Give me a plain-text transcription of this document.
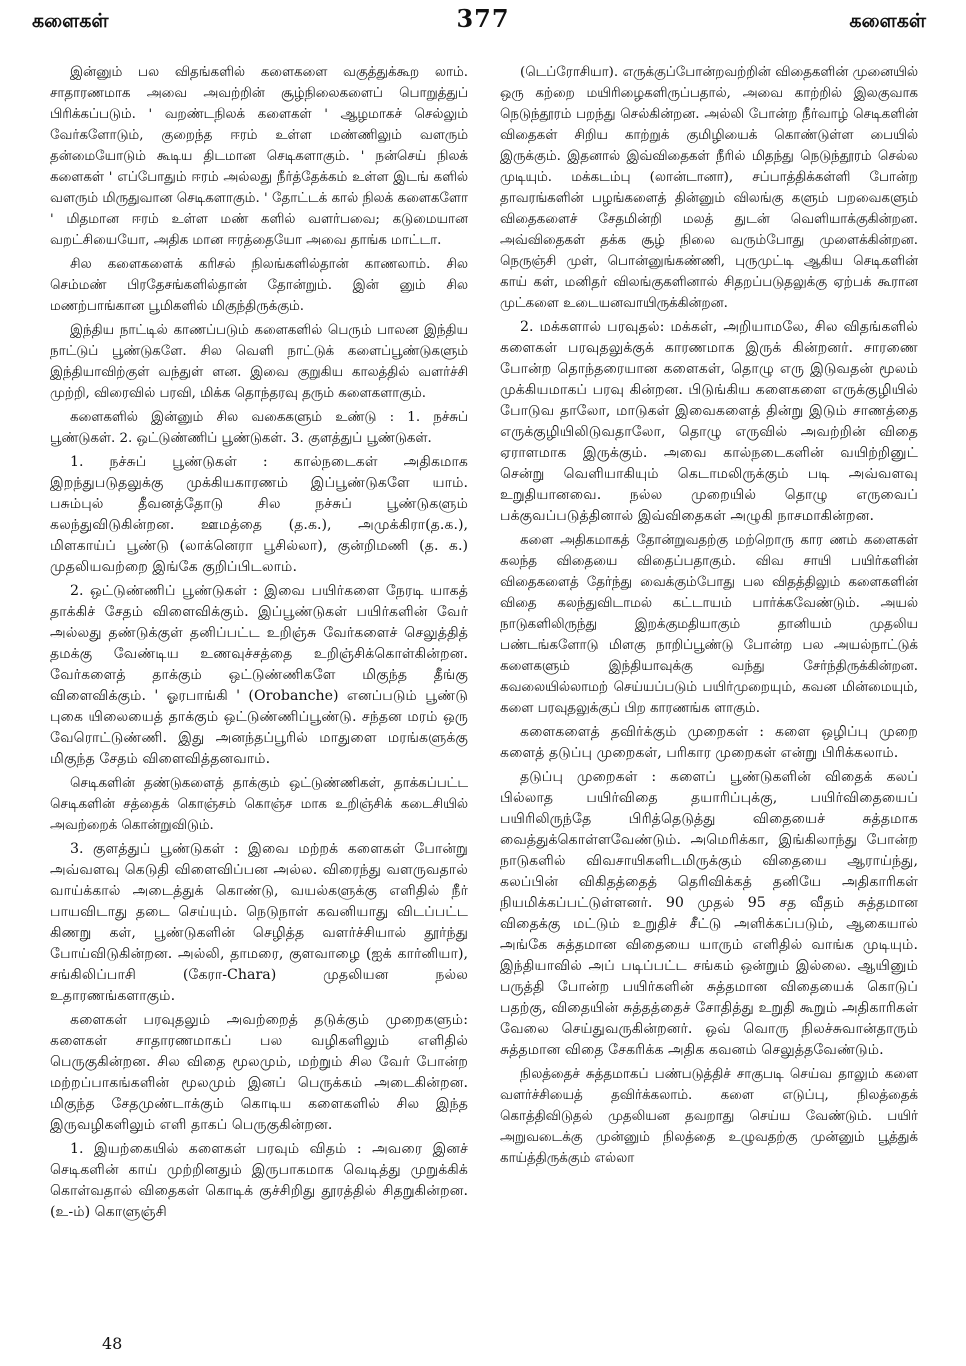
களைகள்	377	களைகள்

இன்னும் பல விதங்களில் களைகளை வகுத்துக்கூற லாம். சாதாரணமாக அவை அவற்றின் சூழ்நிலைகளைப் பொறுத்துப் பிரிக்கப்படும். ' வறண்டநிலக் களைகள் ' ஆழமாகச் செல்லும் வேர்களோடும், குறைந்த ஈரம் உள்ள மண்ணிலும் வளரும் தன்மையோடும் கூடிய திடமான செடிகளாகும். ' நன்செய் நிலக் களைகள் ' எப்போதும் ஈரம் அல்லது நீர்த்தேக்கம் உள்ள இடங் களில் வளரும் மிருதுவான செடிகளாகும். ' தோட்டக் கால் நிலக் களைகளோ ' மிதமான ஈரம் உள்ள மண் களில் வளர்பவை; கடுமையான வறட்சியையோ, அதிக மான ஈரத்தையோ அவை தாங்க மாட்டா.

சில களைகளைக் கரிசல் நிலங்களில்தான் காணலாம். சில செம்மண் பிரதேசங்களில்தான் தோன்றும். இன் னும் சில மணற்பாங்கான பூமிகளில் மிகுந்திருக்கும்.

இந்திய நாட்டில் காணப்படும் களைகளில் பெரும் பாலன இந்திய நாட்டுப் பூண்டுகளே. சில வெளி நாட்டுக் களைப்பூண்டுகளும் இந்தியாவிற்குள் வந்துள் ளன. இவை குறுகிய காலத்தில் வளர்ச்சி முற்றி, விரைவில் பரவி, மிக்க தொந்தரவு தரும் களைகளாகும்.

களைகளில் இன்னும் சில வகைகளும் உண்டு : 1. நச்சுப் பூண்டுகள். 2. ஒட்டுண்ணிப் பூண்டுகள். 3. குளத்துப் பூண்டுகள்.

1. நச்சுப் பூண்டுகள் : கால்நடைகள் அதிகமாக இறந்துபடுதலுக்கு முக்கியகாரணம் இப்பூண்டுகளே யாம். பசும்புல் தீவனத்தோடு சில நச்சுப் பூண்டுகளும் கலந்துவிடுகின்றன. ஊமத்தை (த.க.), அமுக்கிரா(த.க.), மிளகாய்ப் பூண்டு (லாக்னெரா பூசில்லா), குன்றிமணி (த. க.) முதலியவற்றை இங்கே குறிப்பிடலாம்.

2. ஒட்டுண்ணிப் பூண்டுகள் : இவை பயிர்களை நேரடி யாகத் தாக்கிச் சேதம் விளைவிக்கும். இப்பூண்டுகள் பயிர்களின் வேர் அல்லது தண்டுக்குள் தனிப்பட்ட உறிஞ்சு வேர்களைச் செலுத்தித் தமக்கு வேண்டிய உணவுச்சத்தை உறிஞ்சிக்கொள்கின்றன. வேர்களைத் தாக்கும் ஒட்டுண்ணிகளே மிகுந்த தீங்கு விளைவிக்கும். ' ஓரபாங்கி ' (Orobanche) எனப்படும் பூண்டு புகை யிலையைத் தாக்கும் ஒட்டுண்ணிப்பூண்டு. சந்தன மரம் ஒரு வேரொட்டுண்ணி. இது அனந்தப்பூரில் மாதுளை மரங்களுக்கு மிகுந்த சேதம் விளைவித்தனவாம்.

செடிகளின் தண்டுகளைத் தாக்கும் ஒட்டுண்ணிகள், தாக்கப்பட்ட செடிகளின் சத்தைக் கொஞ்சம் கொஞ்ச மாக உறிஞ்சிக் கடைசியில் அவற்றைக் கொன்றுவிடும்.

3. குளத்துப் பூண்டுகள் : இவை மற்றக் களைகள் போன்று அவ்வளவு கெடுதி விளைவிப்பன அல்ல. விரைந்து வளருவதால் வாய்க்கால் அடைத்துக் கொண்டு, வயல்களுக்கு எளிதில் நீர் பாயவிடாது தடை செய்யும். நெடுநாள் கவனியாது விடப்பட்ட கிணறு கள், பூண்டுகளின் செழித்த வளர்ச்சியால் தூர்ந்து போய்விடுகின்றன. அல்லி, தாமரை, குளவாழை (ஐக் கார்னியா), சங்கிலிப்பாசி (கேரா-Chara) முதலியன நல்ல உதாரணங்களாகும்.

களைகள் பரவுதலும் அவற்றைத் தடுக்கும் முறைகளும்: களைகள் சாதாரணமாகப் பல வழிகளிலும் எளிதில் பெருகுகின்றன. சில விதை மூலமும், மற்றும் சில வேர் போன்ற மற்றப்பாகங்களின் மூலமும் இனப் பெருக்கம் அடைகின்றன. மிகுந்த சேதமுண்டாக்கும் கொடிய களைகளில் சில இந்த இருவழிகளிலும் எளி தாகப் பெருகுகின்றன.

1. இயற்கையில் களைகள் பரவும் விதம் : அவரை இனச் செடிகளின் காய் முற்றினதும் இருபாகமாக வெடித்து முறுக்கிக் கொள்வதால் விதைகள் கொடிக் குச்சிறிது தூரத்தில் சிதறுகின்றன. (உ-ம்) கொளுஞ்சி

(டெப்ரோசியா). எருக்குப்போன்றவற்றின் விதைகளின் முனையில் ஒரு கற்றை மயிரிழைகளிருப்பதால், அவை காற்றில் இலகுவாக நெடுந்தூரம் பறந்து செல்கின்றன. அல்லி போன்ற நீர்வாழ் செடிகளின் விதைகள் சிறிய காற்றுக் குமிழியைக் கொண்டுள்ள பையில் இருக்கும். இதனால் இவ்விதைகள் நீரில் மிதந்து நெடுந்தூரம் செல்ல முடியும். மக்கடம்பு (லான்டானா), சப்பாத்திக்கள்ளி போன்ற தாவரங்களின் பழங்களைத் தின்னும் விலங்கு களும் பறவைகளும் விதைகளைச் சேதமின்றி மலத் துடன் வெளியாக்குகின்றன. அவ்விதைகள் தக்க சூழ் நிலை வரும்போது முளைக்கின்றன. நெருஞ்சி முள், பொன்னுங்கண்ணி, புருமுட்டி ஆகிய செடிகளின் காய் கள், மனிதர் விலங்குகளினால் சிதறப்படுதலுக்கு ஏற்பக் கூரான முட்களை உடையனவாயிருக்கின்றன.

2. மக்களால் பரவுதல்: மக்கள், அறியாமலே, சில விதங்களில் களைகள் பரவுதலுக்குக் காரணமாக இருக் கின்றனர். சாரணை போன்ற தொந்தரையான களைகள், தொழு எரு இடுவதன் மூலம் முக்கியமாகப் பரவு கின்றன. பிடுங்கிய களைகளை எருக்குழியில் போடுவ தாலோ, மாடுகள் இவைகளைத் தின்று இடும் சாணத்தை எருக்குழியிலிடுவதாலோ, தொழு எருவில் அவற்றின் விதை ஏராளமாக இருக்கும். அவை கால்நடைகளின் வயிற்றினுட் சென்று வெளியாகியும் கெடாமலிருக்கும் படி அவ்வளவு உறுதியானவை. நல்ல முறையில் தொழு எருவைப் பக்குவப்படுத்தினால் இவ்விதைகள் அழுகி நாசமாகின்றன.

களை அதிகமாகத் தோன்றுவதற்கு மற்றொரு கார ணம் களைகள் கலந்த விதையை விதைப்பதாகும். விவ சாயி பயிர்களின் விதைகளைத் தேர்ந்து வைக்கும்போது பல விதத்திலும் களைகளின் விதை கலந்துவிடாமல் கட்டாயம் பார்க்கவேண்டும். அயல் நாடுகளிலிருந்து இறக்குமதியாகும் தானியம் முதலிய பண்டங்களோடு மிளகு நாறிப்பூண்டு போன்ற பல அயல்நாட்டுக் களைகளும் இந்தியாவுக்கு வந்து சேர்ந்திருக்கின்றன. கவலையில்லாமற் செய்யப்படும் பயிர்முறையும், கவன மின்மையும், களை பரவுதலுக்குப் பிற காரணங்க ளாகும்.

களைகளைத் தவிர்க்கும் முறைகள் : களை ஒழிப்பு முறை களைத் தடுப்பு முறைகள், பரிகார முறைகள் என்று பிரிக்கலாம்.

தடுப்பு முறைகள் : களைப் பூண்டுகளின் விதைக் கலப் பில்லாத பயிர்விதை தயாரிப்புக்கு, பயிர்விதையைப் பயிரிலிருந்தே பிரித்தெடுத்து விதையைச் சுத்தமாக வைத்துக்கொள்ளவேண்டும். அமெரிக்கா, இங்கிலாந்து போன்ற நாடுகளில் விவசாயிகளிடமிருக்கும் விதையை ஆராய்ந்து, கலப்பின் விகிதத்தைத் தெரிவிக்கத் தனியே அதிகாரிகள் நியமிக்கப்பட்டுள்ளனர். 90 முதல் 95 சத வீதம் சுத்தமான விதைக்கு மட்டும் உறுதிச் சீட்டு அளிக்கப்படும், ஆகையால் அங்கே சுத்தமான விதையை யாரும் எளிதில் வாங்க முடியும். இந்தியாவில் அப் படிப்பட்ட சங்கம் ஒன்றும் இல்லை. ஆயினும் பருத்தி போன்ற பயிர்களின் சுத்தமான விதையைக் கொடுப் பதற்கு, விதையின் சுத்தத்தைச் சோதித்து உறுதி கூறும் அதிகாரிகள் வேலை செய்துவருகின்றனர். ஒவ் வொரு நிலச்சுவான்தாரும் சுத்தமான விதை சேகரிக்க அதிக கவனம் செலுத்தவேண்டும்.

நிலத்தைச் சுத்தமாகப் பண்படுத்திச் சாகுபடி செய்வ தாலும் களை வளர்ச்சியைத் தவிர்க்கலாம். களை எடுப்பு, நிலத்தைக் கொத்திவிடுதல் முதலியன தவறாது செய்ய வேண்டும். பயிர் அறுவடைக்கு முன்னும் நிலத்தை உழுவதற்கு முன்னும் பூத்துக் காய்த்திருக்கும் எல்லா

48
